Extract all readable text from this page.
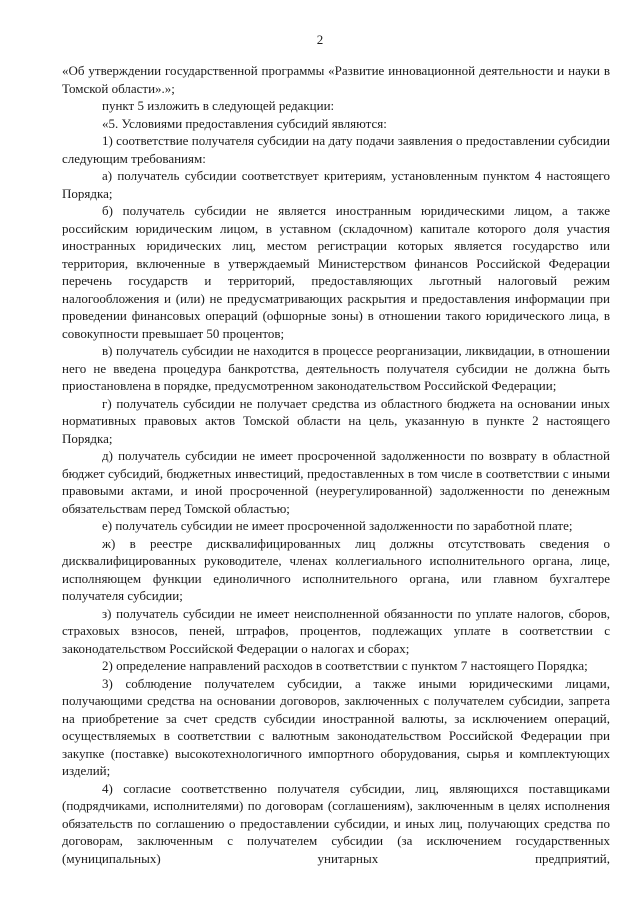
2

«Об утверждении государственной программы «Развитие инновационной деятельности и науки в Томской области».»;

пункт 5 изложить в следующей редакции:

«5. Условиями предоставления субсидий являются:

1) соответствие получателя субсидии на дату подачи заявления о предоставлении субсидии следующим требованиям:

а) получатель субсидии соответствует критериям, установленным пунктом 4 настоящего Порядка;

б) получатель субсидии не является иностранным юридическими лицом, а также российским юридическим лицом, в уставном (складочном) капитале которого доля участия иностранных юридических лиц, местом регистрации которых является государство или территория, включенные в утверждаемый Министерством финансов Российской Федерации перечень государств и территорий, предоставляющих льготный налоговый режим налогообложения и (или) не предусматривающих раскрытия и предоставления информации при проведении финансовых операций (офшорные зоны) в отношении такого юридического лица, в совокупности превышает 50 процентов;

в) получатель субсидии не находится в процессе реорганизации, ликвидации, в отношении него не введена процедура банкротства, деятельность получателя субсидии не должна быть приостановлена в порядке, предусмотренном законодательством Российской Федерации;

г) получатель субсидии не получает средства из областного бюджета на основании иных нормативных правовых актов Томской области на цель, указанную в пункте 2 настоящего Порядка;

д) получатель субсидии не имеет просроченной задолженности по возврату в областной бюджет субсидий, бюджетных инвестиций, предоставленных в том числе в соответствии с иными правовыми актами, и иной просроченной (неурегулированной) задолженности по денежным обязательствам перед Томской областью;

е) получатель субсидии не имеет просроченной задолженности по заработной плате;

ж) в реестре дисквалифицированных лиц должны отсутствовать сведения о дисквалифицированных руководителе, членах коллегиального исполнительного органа, лице, исполняющем функции единоличного исполнительного органа, или главном бухгалтере получателя субсидии;

з) получатель субсидии не имеет неисполненной обязанности по уплате налогов, сборов, страховых взносов, пеней, штрафов, процентов, подлежащих уплате в соответствии с законодательством Российской Федерации о налогах и сборах;

2) определение направлений расходов в соответствии с пунктом 7 настоящего Порядка;

3) соблюдение получателем субсидии, а также иными юридическими лицами, получающими средства на основании договоров, заключенных с получателем субсидии, запрета на приобретение за счет средств субсидии иностранной валюты, за исключением операций, осуществляемых в соответствии с валютным законодательством Российской Федерации при закупке (поставке) высокотехнологичного импортного оборудования, сырья и комплектующих изделий;

4) согласие соответственно получателя субсидии, лиц, являющихся поставщиками (подрядчиками, исполнителями) по договорам (соглашениям), заключенным в целях исполнения обязательств по соглашению о предоставлении субсидии, и иных лиц, получающих средства по договорам, заключенным с получателем субсидии (за исключением государственных (муниципальных) унитарных предприятий,
